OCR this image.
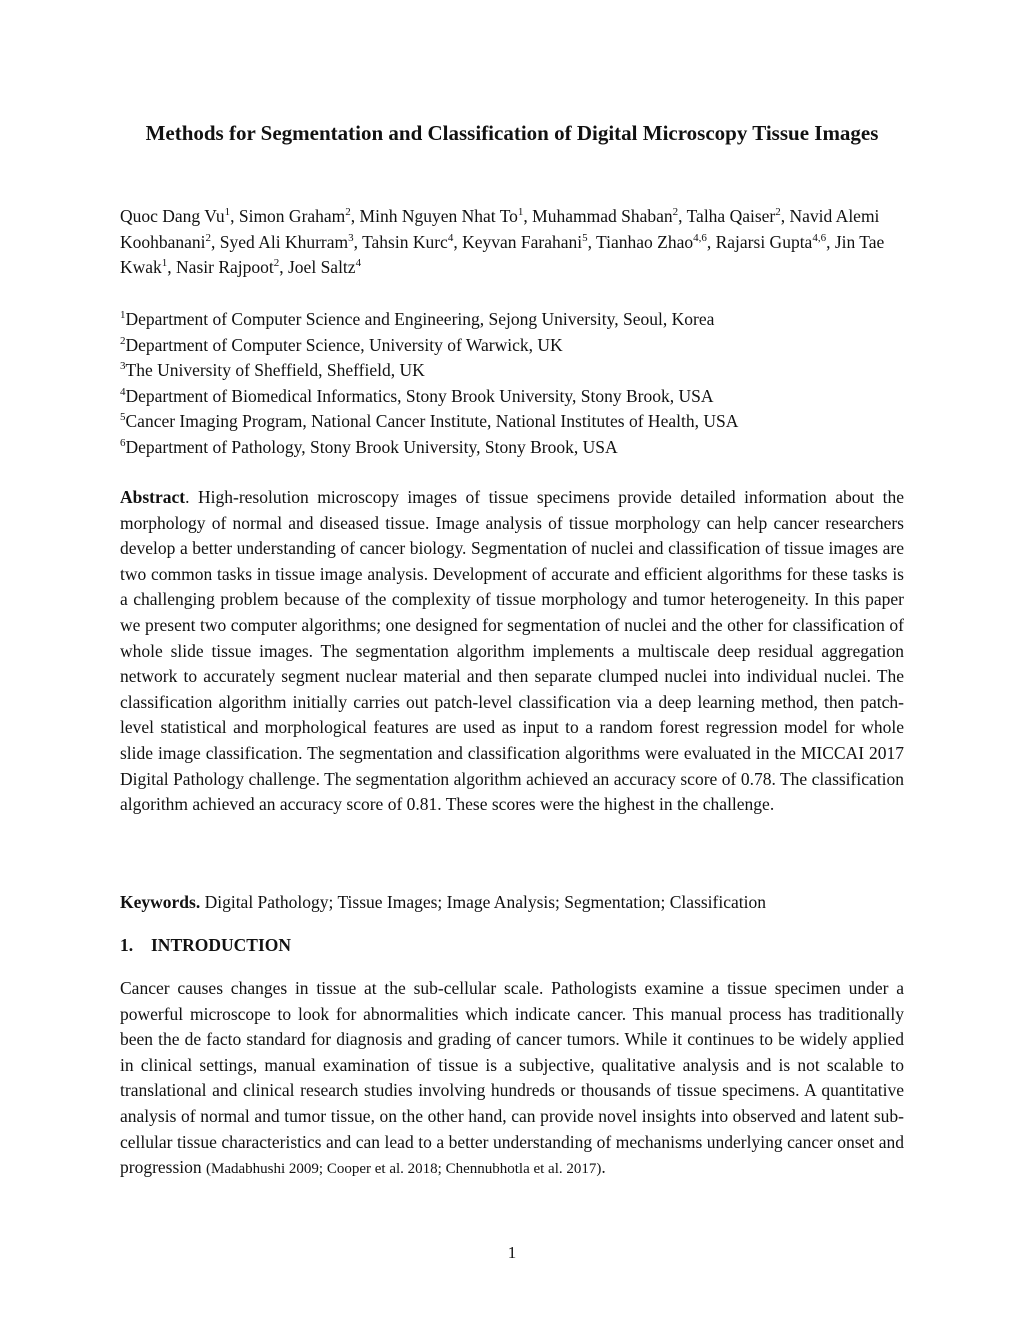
Methods for Segmentation and Classification of Digital Microscopy Tissue Images
Quoc Dang Vu$^1$, Simon Graham$^2$, Minh Nguyen Nhat To$^1$, Muhammad Shaban$^2$, Talha Qaiser$^2$, Navid Alemi Koohbanani$^2$, Syed Ali Khurram$^3$, Tahsin Kurc$^4$, Keyvan Farahani$^5$, Tianhao Zhao$^{4,6}$, Rajarsi Gupta$^{4,6}$, Jin Tae Kwak$^1$, Nasir Rajpoot$^2$, Joel Saltz$^4$
$^1$Department of Computer Science and Engineering, Sejong University, Seoul, Korea
$^2$Department of Computer Science, University of Warwick, UK
$^3$The University of Sheffield, Sheffield, UK
$^4$Department of Biomedical Informatics, Stony Brook University, Stony Brook, USA
$^5$Cancer Imaging Program, National Cancer Institute, National Institutes of Health, USA
$^6$Department of Pathology, Stony Brook University, Stony Brook, USA
Abstract. High-resolution microscopy images of tissue specimens provide detailed information about the morphology of normal and diseased tissue. Image analysis of tissue morphology can help cancer researchers develop a better understanding of cancer biology. Segmentation of nuclei and classification of tissue images are two common tasks in tissue image analysis. Development of accurate and efficient algorithms for these tasks is a challenging problem because of the complexity of tissue morphology and tumor heterogeneity. In this paper we present two computer algorithms; one designed for segmentation of nuclei and the other for classification of whole slide tissue images. The segmentation algorithm implements a multiscale deep residual aggregation network to accurately segment nuclear material and then separate clumped nuclei into individual nuclei. The classification algorithm initially carries out patch-level classification via a deep learning method, then patch-level statistical and morphological features are used as input to a random forest regression model for whole slide image classification. The segmentation and classification algorithms were evaluated in the MICCAI 2017 Digital Pathology challenge. The segmentation algorithm achieved an accuracy score of 0.78. The classification algorithm achieved an accuracy score of 0.81. These scores were the highest in the challenge.
Keywords. Digital Pathology; Tissue Images; Image Analysis; Segmentation; Classification
1. INTRODUCTION
Cancer causes changes in tissue at the sub-cellular scale. Pathologists examine a tissue specimen under a powerful microscope to look for abnormalities which indicate cancer. This manual process has traditionally been the de facto standard for diagnosis and grading of cancer tumors. While it continues to be widely applied in clinical settings, manual examination of tissue is a subjective, qualitative analysis and is not scalable to translational and clinical research studies involving hundreds or thousands of tissue specimens. A quantitative analysis of normal and tumor tissue, on the other hand, can provide novel insights into observed and latent sub-cellular tissue characteristics and can lead to a better understanding of mechanisms underlying cancer onset and progression (Madabhushi 2009; Cooper et al. 2018; Chennubhotla et al. 2017).
1
